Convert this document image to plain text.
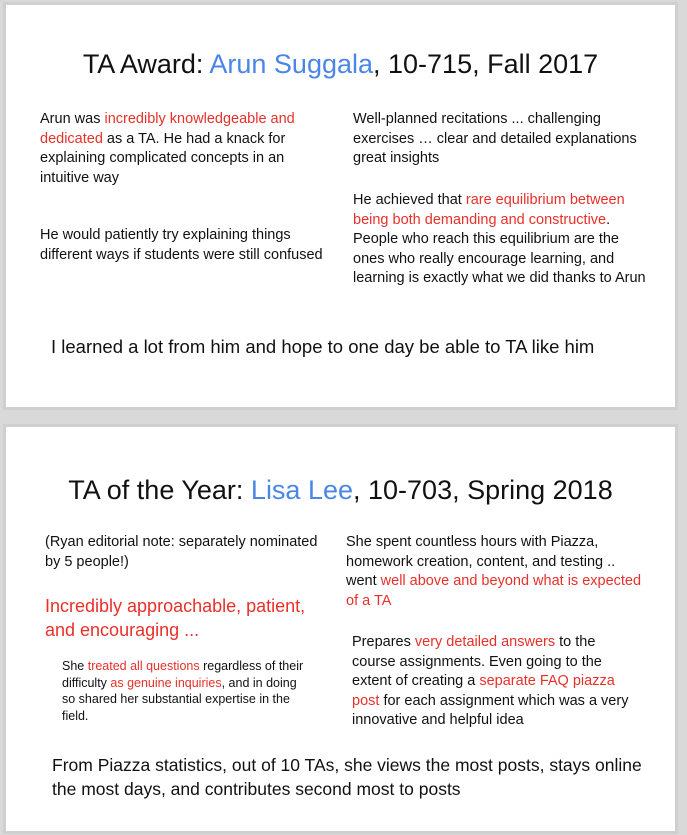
TA Award: Arun Suggala, 10-715, Fall 2017
Arun was incredibly knowledgeable and dedicated as a TA. He had a knack for explaining complicated concepts in an intuitive way
He would patiently try explaining things different ways if students were still confused
Well-planned recitations ... challenging exercises … clear and detailed explanations great insights
He achieved that rare equilibrium between being both demanding and constructive. People who reach this equilibrium are the ones who really encourage learning, and learning is exactly what we did thanks to Arun
I learned a lot from him and hope to one day be able to TA like him
TA of the Year: Lisa Lee, 10-703, Spring 2018
(Ryan editorial note: separately nominated by 5 people!)
Incredibly approachable, patient, and encouraging ...
She treated all questions regardless of their difficulty as genuine inquiries, and in doing so shared her substantial expertise in the field.
She spent countless hours with Piazza, homework creation, content, and testing .. went well above and beyond what is expected of a TA
Prepares very detailed answers to the course assignments. Even going to the extent of creating a separate FAQ piazza post for each assignment which was a very innovative and helpful idea
From Piazza statistics, out of 10 TAs, she views the most posts, stays online the most days, and contributes second most to posts
